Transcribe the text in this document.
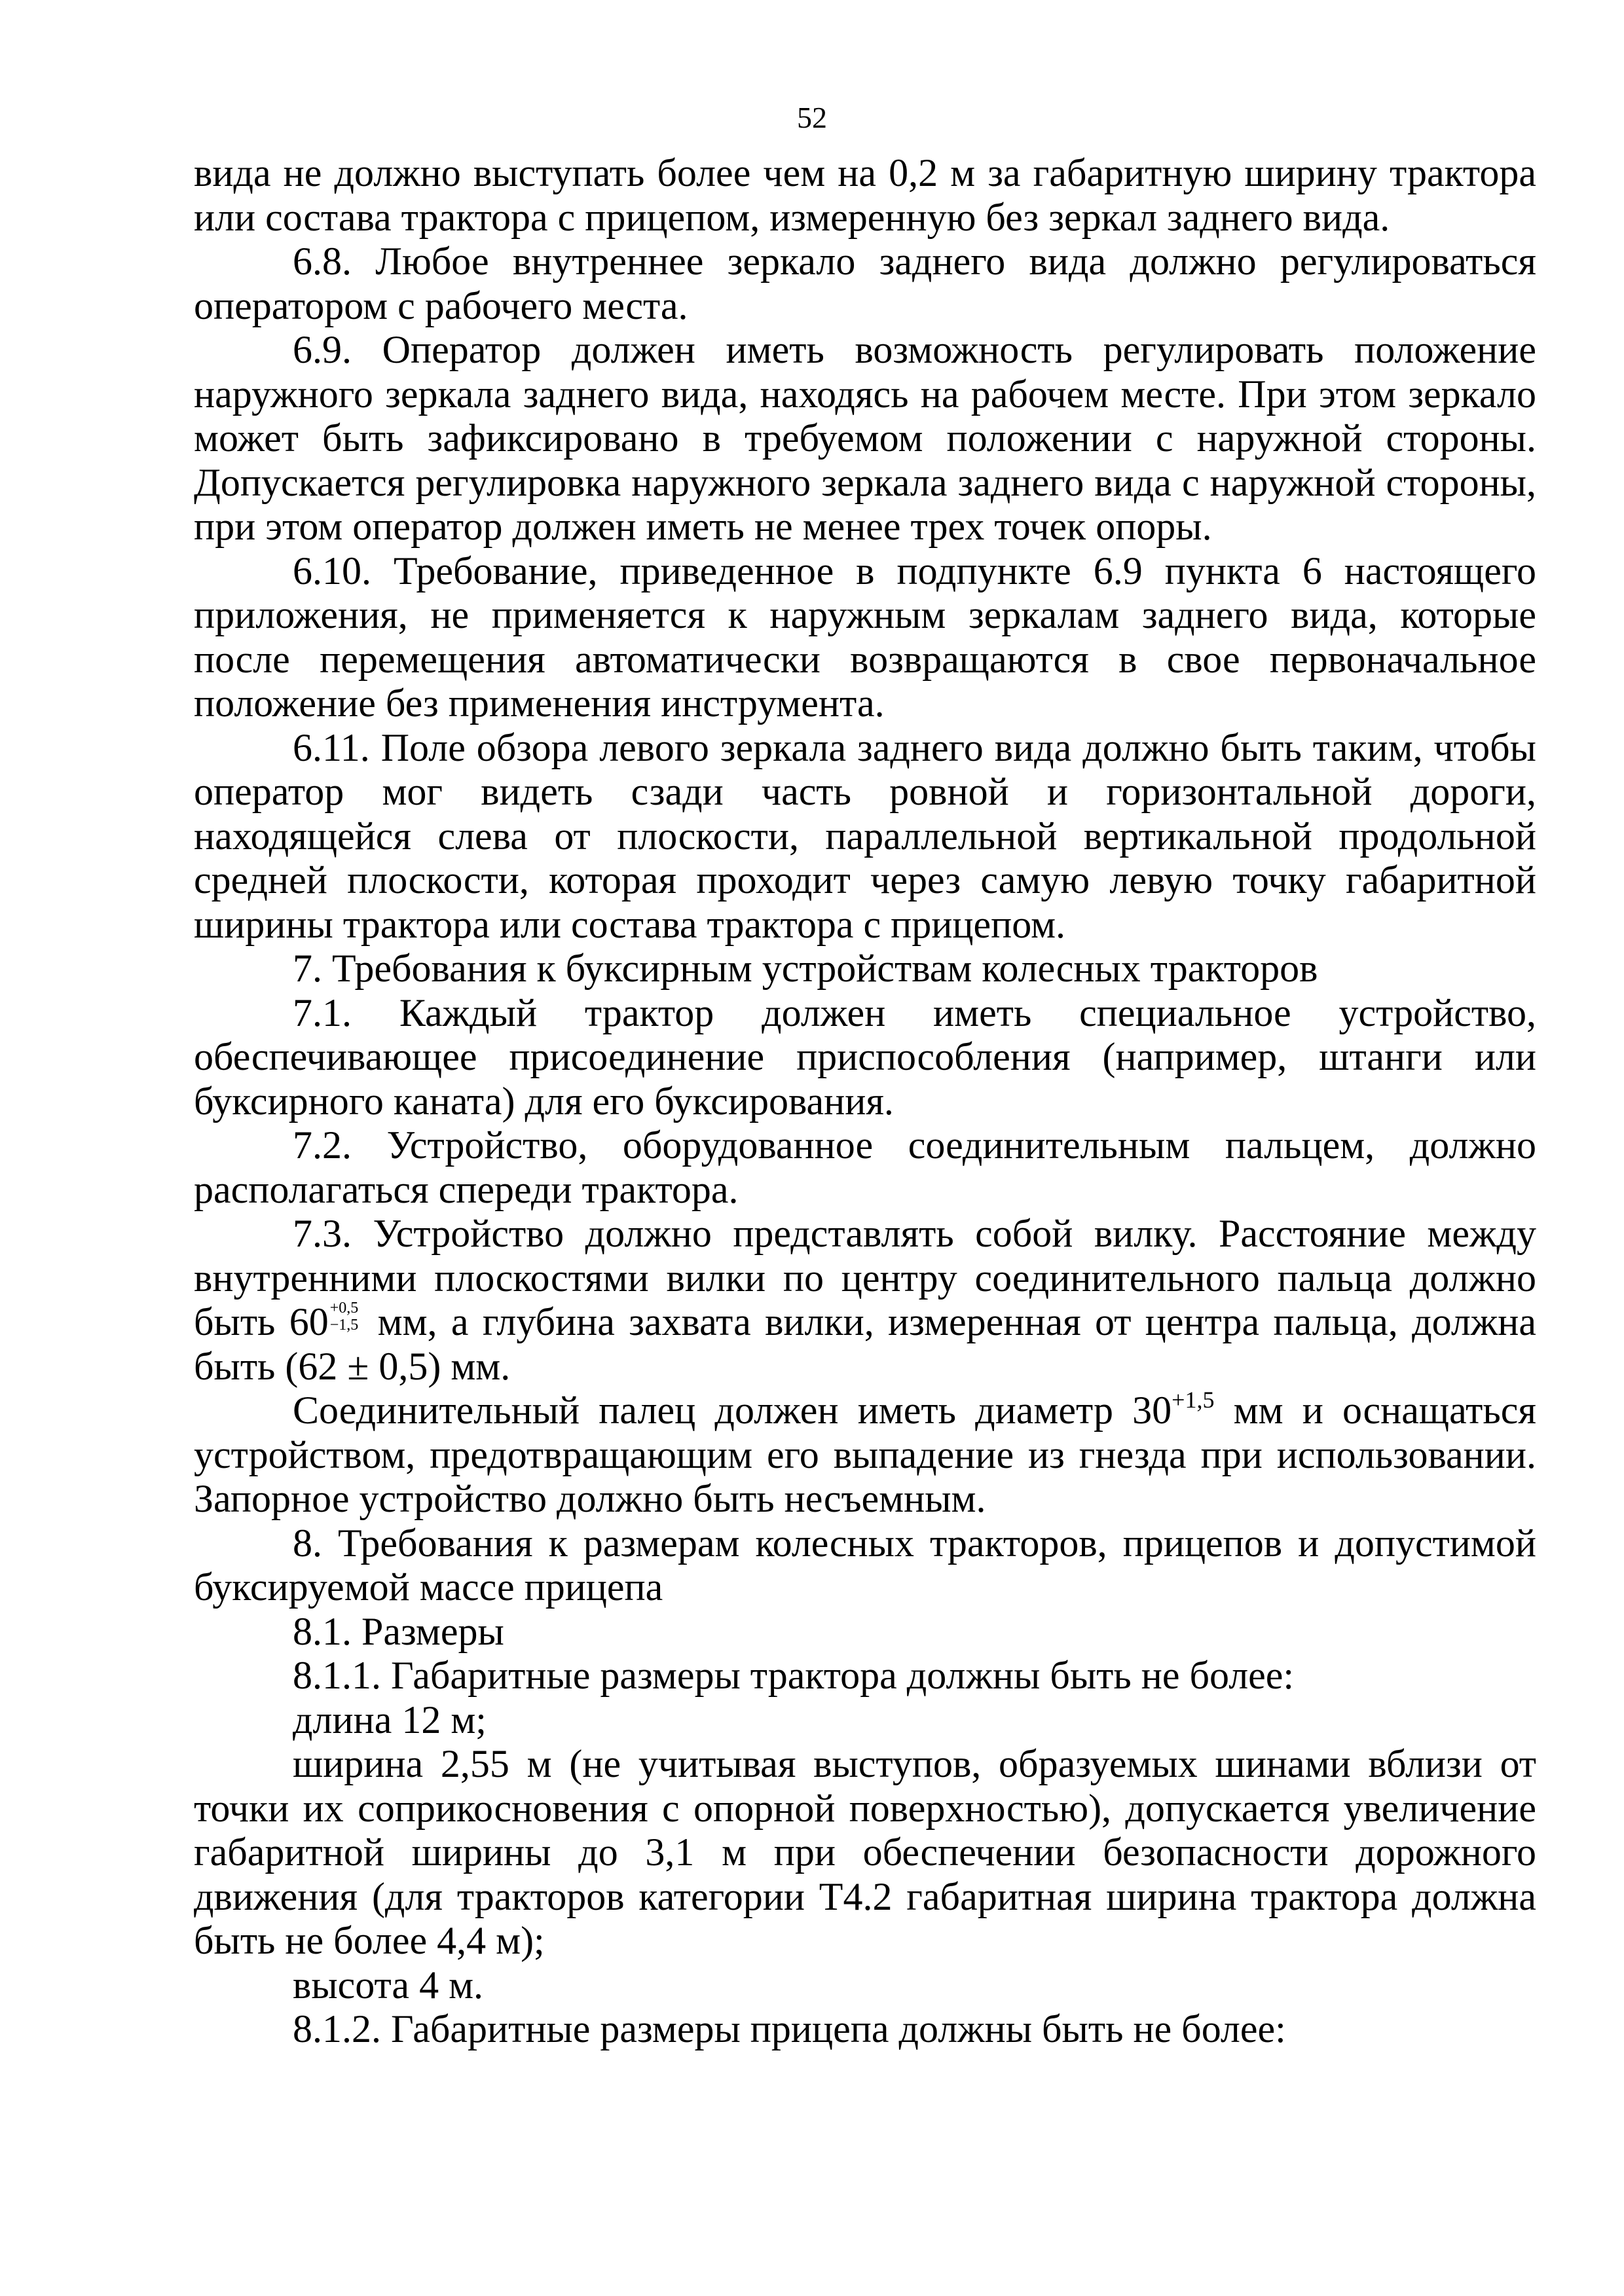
52

вида не должно выступать более чем на 0,2 м за габаритную ширину трактора или состава трактора с прицепом, измеренную без зеркал заднего вида.

6.8. Любое внутреннее зеркало заднего вида должно регулироваться оператором с рабочего места.

6.9. Оператор должен иметь возможность регулировать положение наружного зеркала заднего вида, находясь на рабочем месте. При этом зеркало может быть зафиксировано в требуемом положении с наружной стороны. Допускается регулировка наружного зеркала заднего вида с наружной стороны, при этом оператор должен иметь не менее трех точек опоры.

6.10. Требование, приведенное в подпункте 6.9 пункта 6 настоящего приложения, не применяется к наружным зеркалам заднего вида, которые после перемещения автоматически возвращаются в свое первоначальное положение без применения инструмента.

6.11. Поле обзора левого зеркала заднего вида должно быть таким, чтобы оператор мог видеть сзади часть ровной и горизонтальной дороги, находящейся слева от плоскости, параллельной вертикальной продольной средней плоскости, которая проходит через самую левую точку габаритной ширины трактора или состава трактора с прицепом.

7. Требования к буксирным устройствам колесных тракторов

7.1. Каждый трактор должен иметь специальное устройство, обеспечивающее присоединение приспособления (например, штанги или буксирного каната) для его буксирования.

7.2. Устройство, оборудованное соединительным пальцем, должно располагаться спереди трактора.

7.3. Устройство должно представлять собой вилку. Расстояние между внутренними плоскостями вилки по центру соединительного пальца должно быть 60 +0,5
−1,5 мм, а глубина захвата вилки, измеренная от центра пальца, должна быть (62 ± 0,5) мм.

Соединительный палец должен иметь диаметр $30^{+1,5}$ мм и оснащаться устройством, предотвращающим его выпадение из гнезда при использовании. Запорное устройство должно быть несъемным.

8. Требования к размерам колесных тракторов, прицепов и допустимой буксируемой массе прицепа

8.1. Размеры

8.1.1. Габаритные размеры трактора должны быть не более:

длина 12 м;

ширина 2,55 м (не учитывая выступов, образуемых шинами вблизи от точки их соприкосновения с опорной поверхностью), допускается увеличение габаритной ширины до 3,1 м при обеспечении безопасности дорожного движения (для тракторов категории Т4.2 габаритная ширина трактора должна быть не более 4,4 м);

высота 4 м.

8.1.2. Габаритные размеры прицепа должны быть не более:
